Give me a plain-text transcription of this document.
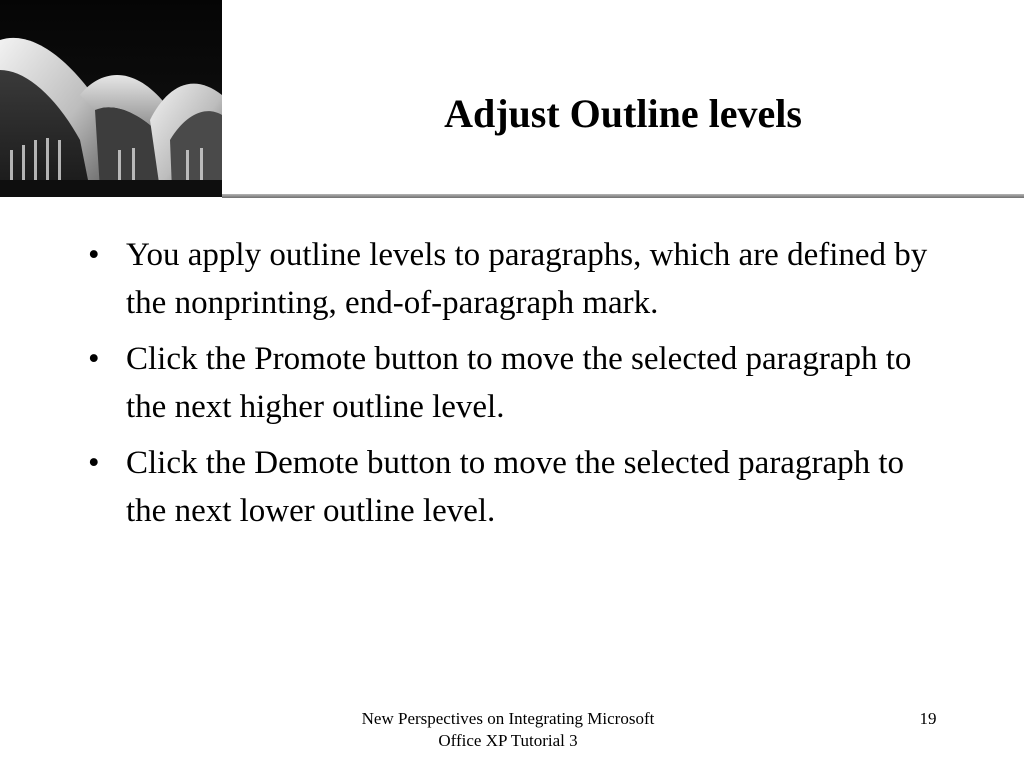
Adjust Outline levels
• You apply outline levels to paragraphs, which are defined by the nonprinting, end-of-paragraph mark.
• Click the Promote button to move the selected paragraph to the next higher outline level.
• Click the Demote button to move the selected paragraph to the next lower outline level.
New Perspectives on Integrating Microsoft
Office XP Tutorial 3
19
